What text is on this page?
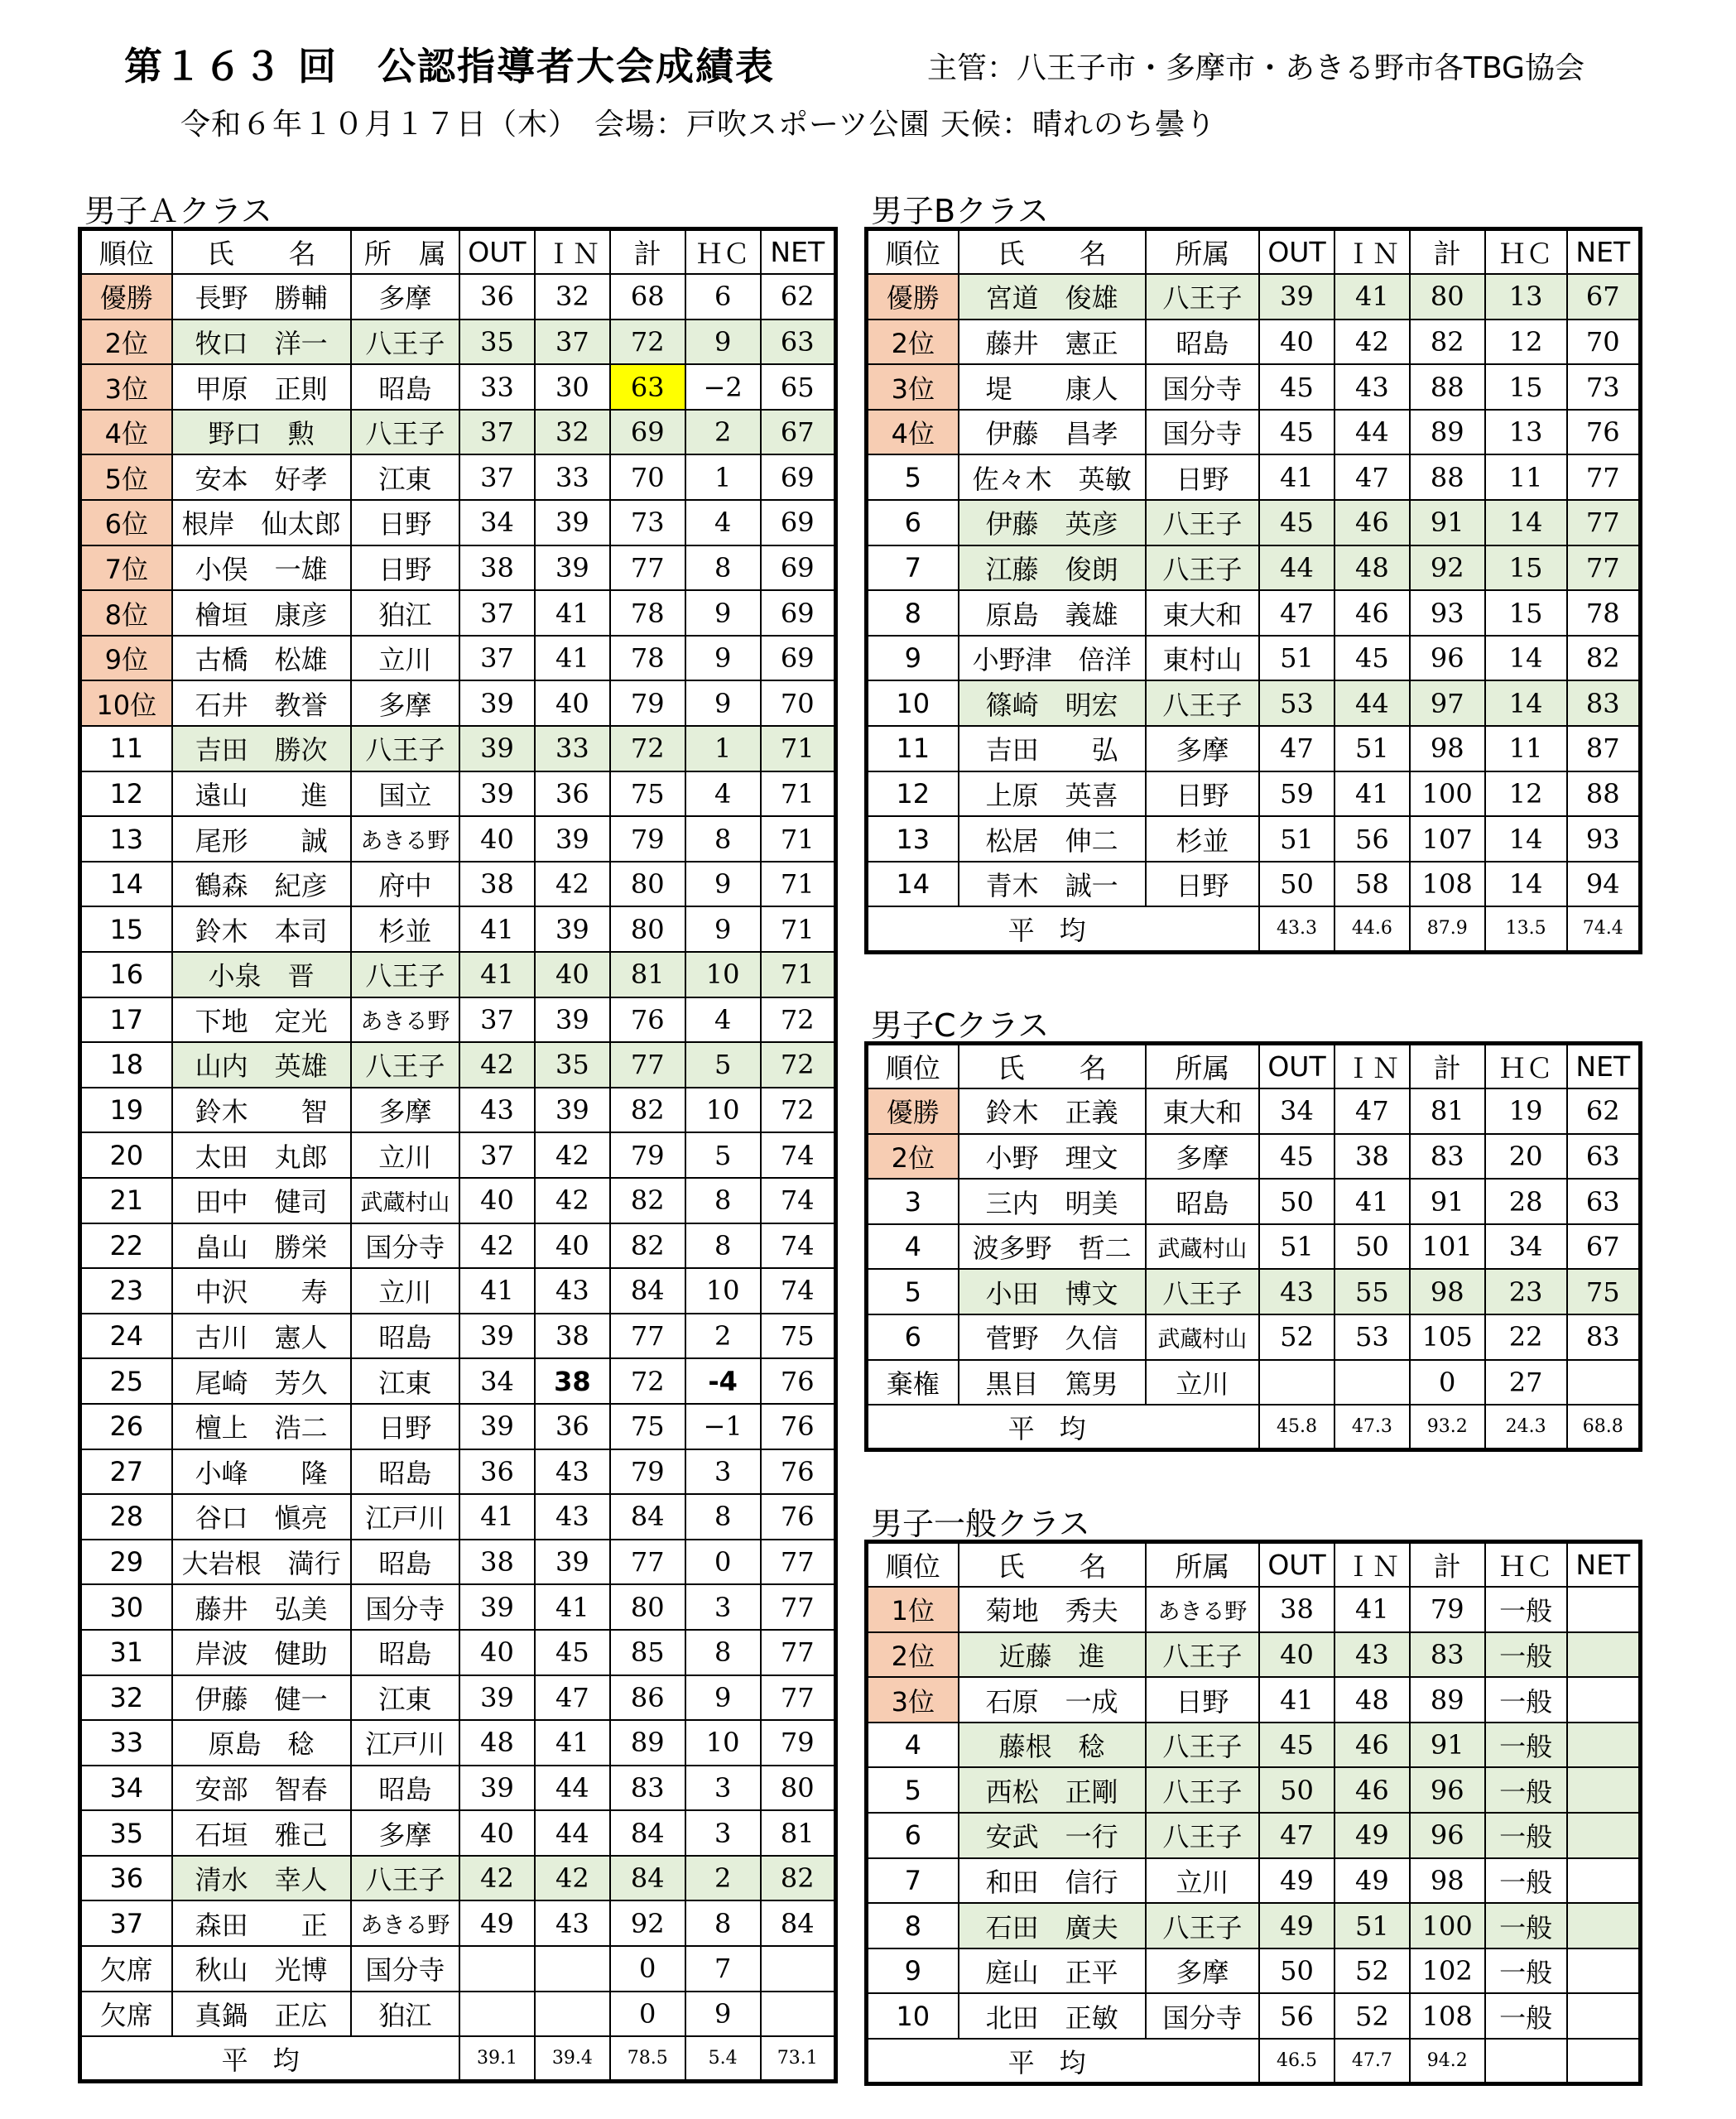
第１６３ 回　公認指導者大会成績表	主管：八王子市・多摩市・あきる野市各TBG協会
令和６年１０月１７日（木）　会場：戸吹スポーツ公園 天候：晴れのち曇り
男子Ａクラス	男子Bクラス
男子Cクラス
男子一般クラス
順位	氏　　名	所　属	OUT	ＩＮ	計	ＨＣ	NET
優勝	長野　勝輔	多摩	36	32	68	6	62
2位	牧口　洋一	八王子	35	37	72	9	63
3位	甲原　正則	昭島	33	30	63	−2	65
4位	野口　勲	八王子	37	32	69	2	67
5位	安本　好孝	江東	37	33	70	1	69
6位	根岸　仙太郎	日野	34	39	73	4	69
7位	小俣　一雄	日野	38	39	77	8	69
8位	檜垣　康彦	狛江	37	41	78	9	69
9位	古橋　松雄	立川	37	41	78	9	69
10位	石井　教誉	多摩	39	40	79	9	70
11	吉田　勝次	八王子	39	33	72	1	71
12	遠山　　進	国立	39	36	75	4	71
13	尾形　　誠	あきる野	40	39	79	8	71
14	鶴森　紀彦	府中	38	42	80	9	71
15	鈴木　本司	杉並	41	39	80	9	71
16	小泉　晋	八王子	41	40	81	10	71
17	下地　定光	あきる野	37	39	76	4	72
18	山内　英雄	八王子	42	35	77	5	72
19	鈴木　　智	多摩	43	39	82	10	72
20	太田　丸郎	立川	37	42	79	5	74
21	田中　健司	武蔵村山	40	42	82	8	74
22	畠山　勝栄	国分寺	42	40	82	8	74
23	中沢　　寿	立川	41	43	84	10	74
24	古川　憲人	昭島	39	38	77	2	75
25	尾崎　芳久	江東	34	38	72	-4	76
26	檀上　浩二	日野	39	36	75	−1	76
27	小峰　　隆	昭島	36	43	79	3	76
28	谷口　愼亮	江戸川	41	43	84	8	76
29	大岩根　満行	昭島	38	39	77	0	77
30	藤井　弘美	国分寺	39	41	80	3	77
31	岸波　健助	昭島	40	45	85	8	77
32	伊藤　健一	江東	39	47	86	9	77
33	原島　稔	江戸川	48	41	89	10	79
34	安部　智春	昭島	39	44	83	3	80
35	石垣　雅己	多摩	40	44	84	3	81
36	清水　幸人	八王子	42	42	84	2	82
37	森田　　正	あきる野	49	43	92	8	84
欠席	秋山　光博	国分寺			0	7	
欠席	真鍋　正広	狛江			0	9	
	平均		39.1	39.4	78.5	5.4	73.1
順位	氏　　名	所属	OUT	ＩＮ	計	ＨＣ	NET
優勝	宮道　俊雄	八王子	39	41	80	13	67
2位	藤井　憲正	昭島	40	42	82	12	70
3位	堤　　康人	国分寺	45	43	88	15	73
4位	伊藤　昌孝	国分寺	45	44	89	13	76
5	佐々木　英敏	日野	41	47	88	11	77
6	伊藤　英彦	八王子	45	46	91	14	77
7	江藤　俊朗	八王子	44	48	92	15	77
8	原島　義雄	東大和	47	46	93	15	78
9	小野津　倍洋	東村山	51	45	96	14	82
10	篠崎　明宏	八王子	53	44	97	14	83
11	吉田　　弘	多摩	47	51	98	11	87
12	上原　英喜	日野	59	41	100	12	88
13	松居　伸二	杉並	51	56	107	14	93
14	青木　誠一	日野	50	58	108	14	94
	平均		43.3	44.6	87.9	13.5	74.4
順位	氏　　名	所属	OUT	ＩＮ	計	ＨＣ	NET
優勝	鈴木　正義	東大和	34	47	81	19	62
2位	小野　理文	多摩	45	38	83	20	63
3	三内　明美	昭島	50	41	91	28	63
4	波多野　哲二	武蔵村山	51	50	101	34	67
5	小田　博文	八王子	43	55	98	23	75
6	菅野　久信	武蔵村山	52	53	105	22	83
棄権	黒目　篤男	立川			0	27	
	平均		45.8	47.3	93.2	24.3	68.8
順位	氏　　名	所属	OUT	ＩＮ	計	ＨＣ	NET
1位	菊地　秀夫	あきる野	38	41	79	一般	
2位	近藤　進	八王子	40	43	83	一般	
3位	石原　一成	日野	41	48	89	一般	
4	藤根　稔	八王子	45	46	91	一般	
5	西松　正剛	八王子	50	46	96	一般	
6	安武　一行	八王子	47	49	96	一般	
7	和田　信行	立川	49	49	98	一般	
8	石田　廣夫	八王子	49	51	100	一般	
9	庭山　正平	多摩	50	52	102	一般	
10	北田　正敏	国分寺	56	52	108	一般	
	平均		46.5	47.7	94.2		
